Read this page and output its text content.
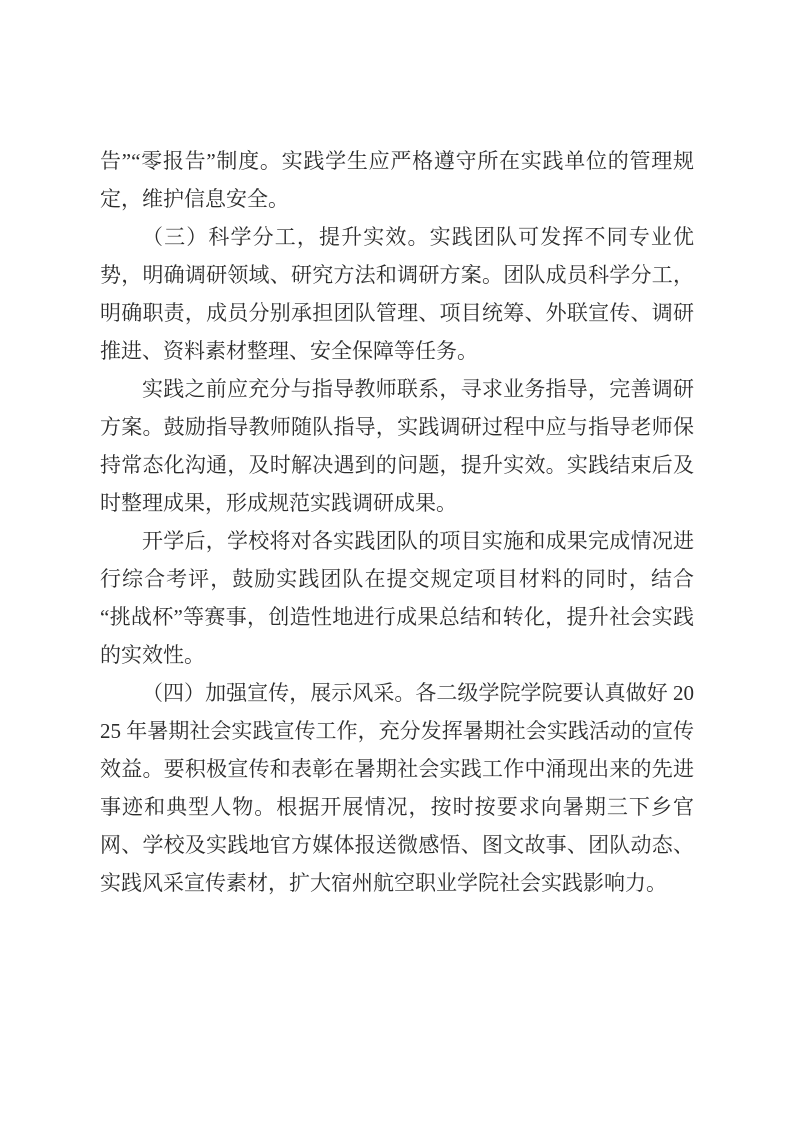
告”“零报告”制度。实践学生应严格遵守所在实践单位的管理规定，维护信息安全。

（三）科学分工，提升实效。实践团队可发挥不同专业优势，明确调研领域、研究方法和调研方案。团队成员科学分工，明确职责，成员分别承担团队管理、项目统筹、外联宣传、调研推进、资料素材整理、安全保障等任务。

实践之前应充分与指导教师联系，寻求业务指导，完善调研方案。鼓励指导教师随队指导，实践调研过程中应与指导老师保持常态化沟通，及时解决遇到的问题，提升实效。实践结束后及时整理成果，形成规范实践调研成果。

开学后，学校将对各实践团队的项目实施和成果完成情况进行综合考评，鼓励实践团队在提交规定项目材料的同时，结合“挑战杯”等赛事，创造性地进行成果总结和转化，提升社会实践的实效性。

（四）加强宣传，展示风采。各二级学院学院要认真做好 2025 年暑期社会实践宣传工作，充分发挥暑期社会实践活动的宣传效益。要积极宣传和表彰在暑期社会实践工作中涌现出来的先进事迹和典型人物。根据开展情况，按时按要求向暑期三下乡官网、学校及实践地官方媒体报送微感悟、图文故事、团队动态、实践风采宣传素材，扩大宿州航空职业学院社会实践影响力。
